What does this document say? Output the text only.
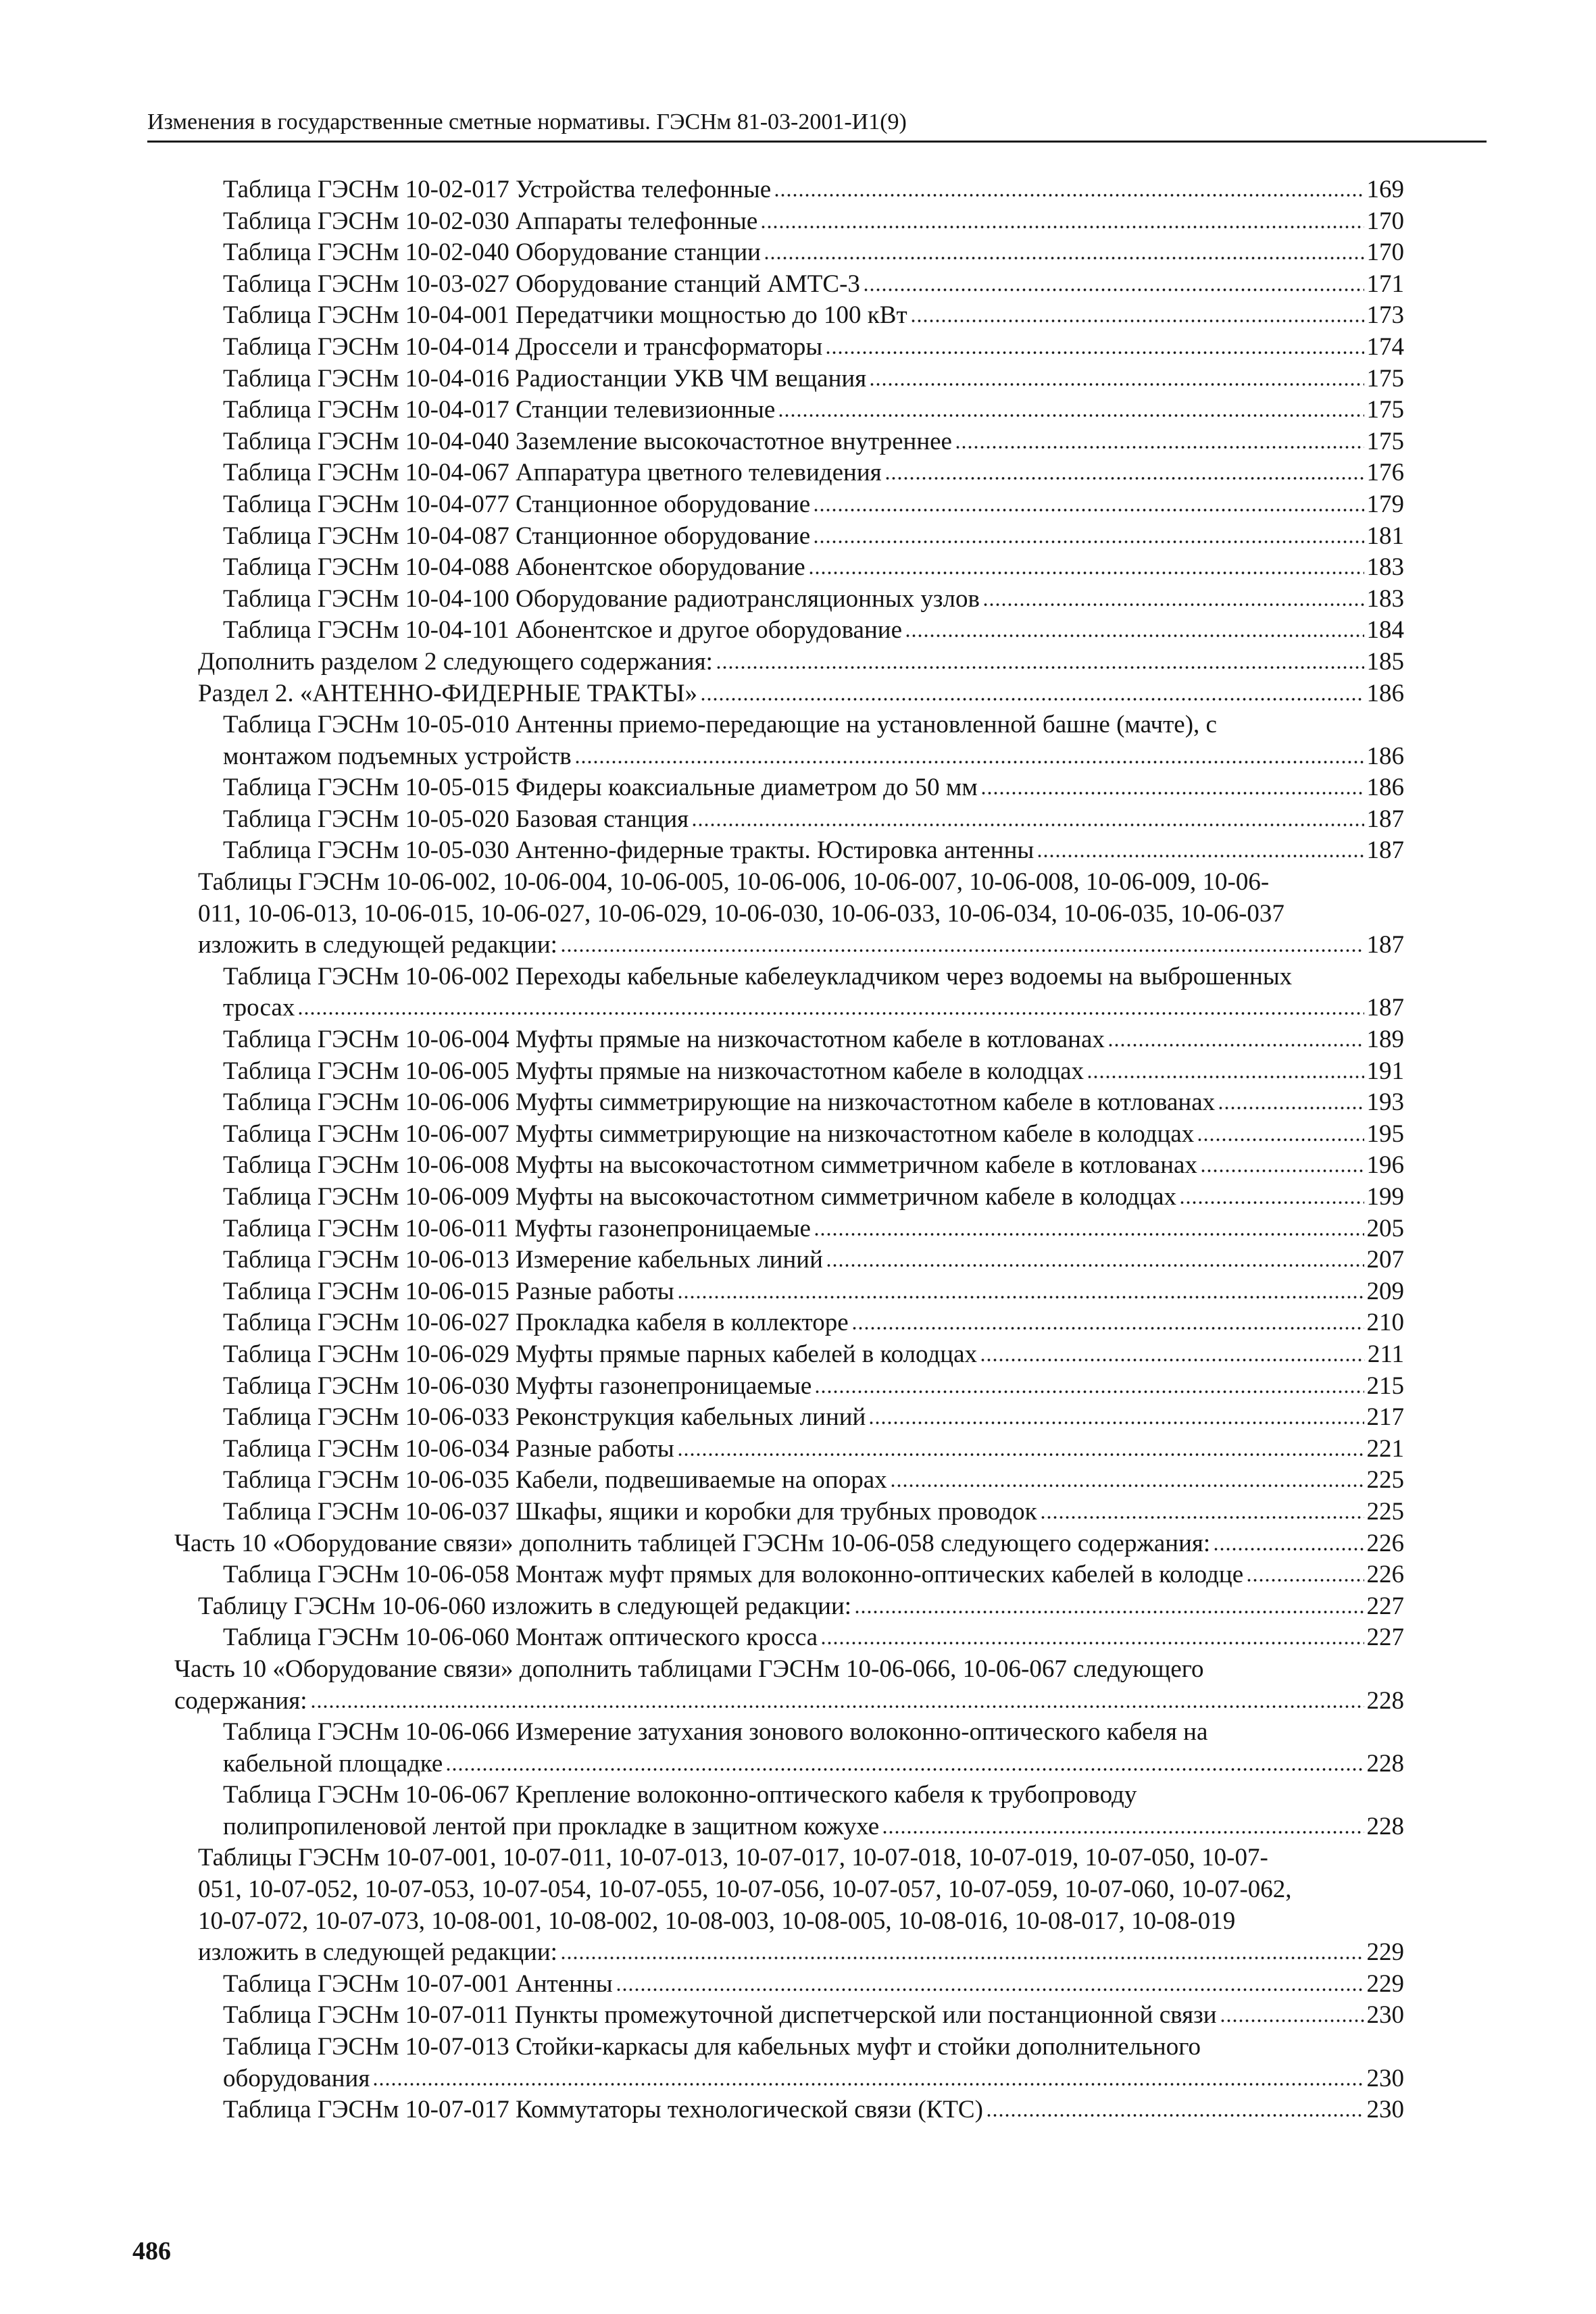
Изменения в государственные сметные нормативы. ГЭСНм 81-03-2001-И1(9)
Таблица ГЭСНм 10-02-017 Устройства телефонные	169
Таблица ГЭСНм 10-02-030 Аппараты телефонные	170
Таблица ГЭСНм 10-02-040 Оборудование станции	170
Таблица ГЭСНм 10-03-027 Оборудование станций АМТС-3	171
Таблица ГЭСНм 10-04-001 Передатчики мощностью до 100 кВт	173
Таблица ГЭСНм 10-04-014 Дроссели и трансформаторы	174
Таблица ГЭСНм 10-04-016 Радиостанции УКВ ЧМ вещания	175
Таблица ГЭСНм 10-04-017 Станции телевизионные	175
Таблица ГЭСНм 10-04-040 Заземление высокочастотное внутреннее	175
Таблица ГЭСНм 10-04-067 Аппаратура цветного телевидения	176
Таблица ГЭСНм 10-04-077 Станционное оборудование	179
Таблица ГЭСНм 10-04-087 Станционное оборудование	181
Таблица ГЭСНм 10-04-088 Абонентское оборудование	183
Таблица ГЭСНм 10-04-100 Оборудование радиотрансляционных узлов	183
Таблица ГЭСНм 10-04-101 Абонентское и другое оборудование	184
Дополнить разделом 2 следующего содержания:	185
Раздел 2. «АНТЕННО-ФИДЕРНЫЕ ТРАКТЫ»	186
Таблица ГЭСНм 10-05-010 Антенны приемо-передающие на установленной башне (мачте), с
монтажом подъемных устройств	186
Таблица ГЭСНм 10-05-015 Фидеры коаксиальные диаметром до 50 мм	186
Таблица ГЭСНм 10-05-020 Базовая станция	187
Таблица ГЭСНм 10-05-030 Антенно-фидерные тракты. Юстировка антенны	187
Таблицы ГЭСНм 10-06-002, 10-06-004, 10-06-005, 10-06-006, 10-06-007, 10-06-008, 10-06-009, 10-06-
011, 10-06-013, 10-06-015, 10-06-027, 10-06-029, 10-06-030, 10-06-033, 10-06-034, 10-06-035, 10-06-037
изложить в следующей редакции:	187
Таблица ГЭСНм 10-06-002 Переходы кабельные кабелеукладчиком через водоемы на выброшенных
тросах	187
Таблица ГЭСНм 10-06-004 Муфты прямые на низкочастотном кабеле в котлованах	189
Таблица ГЭСНм 10-06-005 Муфты прямые на низкочастотном кабеле в колодцах	191
Таблица ГЭСНм 10-06-006 Муфты симметрирующие на низкочастотном кабеле в котлованах	193
Таблица ГЭСНм 10-06-007 Муфты симметрирующие на низкочастотном кабеле в колодцах	195
Таблица ГЭСНм 10-06-008 Муфты на высокочастотном симметричном кабеле в котлованах	196
Таблица ГЭСНм 10-06-009 Муфты на высокочастотном симметричном кабеле в колодцах	199
Таблица ГЭСНм 10-06-011 Муфты газонепроницаемые	205
Таблица ГЭСНм 10-06-013 Измерение кабельных линий	207
Таблица ГЭСНм 10-06-015 Разные работы	209
Таблица ГЭСНм 10-06-027 Прокладка кабеля в коллекторе	210
Таблица ГЭСНм 10-06-029 Муфты прямые парных кабелей в колодцах	211
Таблица ГЭСНм 10-06-030 Муфты газонепроницаемые	215
Таблица ГЭСНм 10-06-033 Реконструкция кабельных линий	217
Таблица ГЭСНм 10-06-034 Разные работы	221
Таблица ГЭСНм 10-06-035 Кабели, подвешиваемые на опорах	225
Таблица ГЭСНм 10-06-037 Шкафы, ящики и коробки для трубных проводок	225
Часть 10 «Оборудование связи» дополнить таблицей ГЭСНм 10-06-058 следующего содержания:	226
Таблица ГЭСНм 10-06-058 Монтаж муфт прямых для волоконно-оптических кабелей в колодце	226
Таблицу ГЭСНм 10-06-060 изложить в следующей редакции:	227
Таблица ГЭСНм 10-06-060 Монтаж оптического кросса	227
Часть 10 «Оборудование связи» дополнить таблицами ГЭСНм 10-06-066, 10-06-067 следующего
содержания:	228
Таблица ГЭСНм 10-06-066 Измерение затухания зонового волоконно-оптического кабеля на
кабельной площадке	228
Таблица ГЭСНм 10-06-067 Крепление волоконно-оптического кабеля к трубопроводу
полипропиленовой лентой при прокладке в защитном кожухе	228
Таблицы ГЭСНм 10-07-001, 10-07-011, 10-07-013, 10-07-017, 10-07-018, 10-07-019, 10-07-050, 10-07-
051, 10-07-052, 10-07-053, 10-07-054, 10-07-055, 10-07-056, 10-07-057, 10-07-059, 10-07-060, 10-07-062,
10-07-072, 10-07-073, 10-08-001, 10-08-002, 10-08-003, 10-08-005, 10-08-016, 10-08-017, 10-08-019
изложить в следующей редакции:	229
Таблица ГЭСНм 10-07-001 Антенны	229
Таблица ГЭСНм 10-07-011 Пункты промежуточной диспетчерской или постанционной связи	230
Таблица ГЭСНм 10-07-013 Стойки-каркасы для кабельных муфт и стойки дополнительного
оборудования	230
Таблица ГЭСНм 10-07-017 Коммутаторы технологической связи (КТС)	230
486
